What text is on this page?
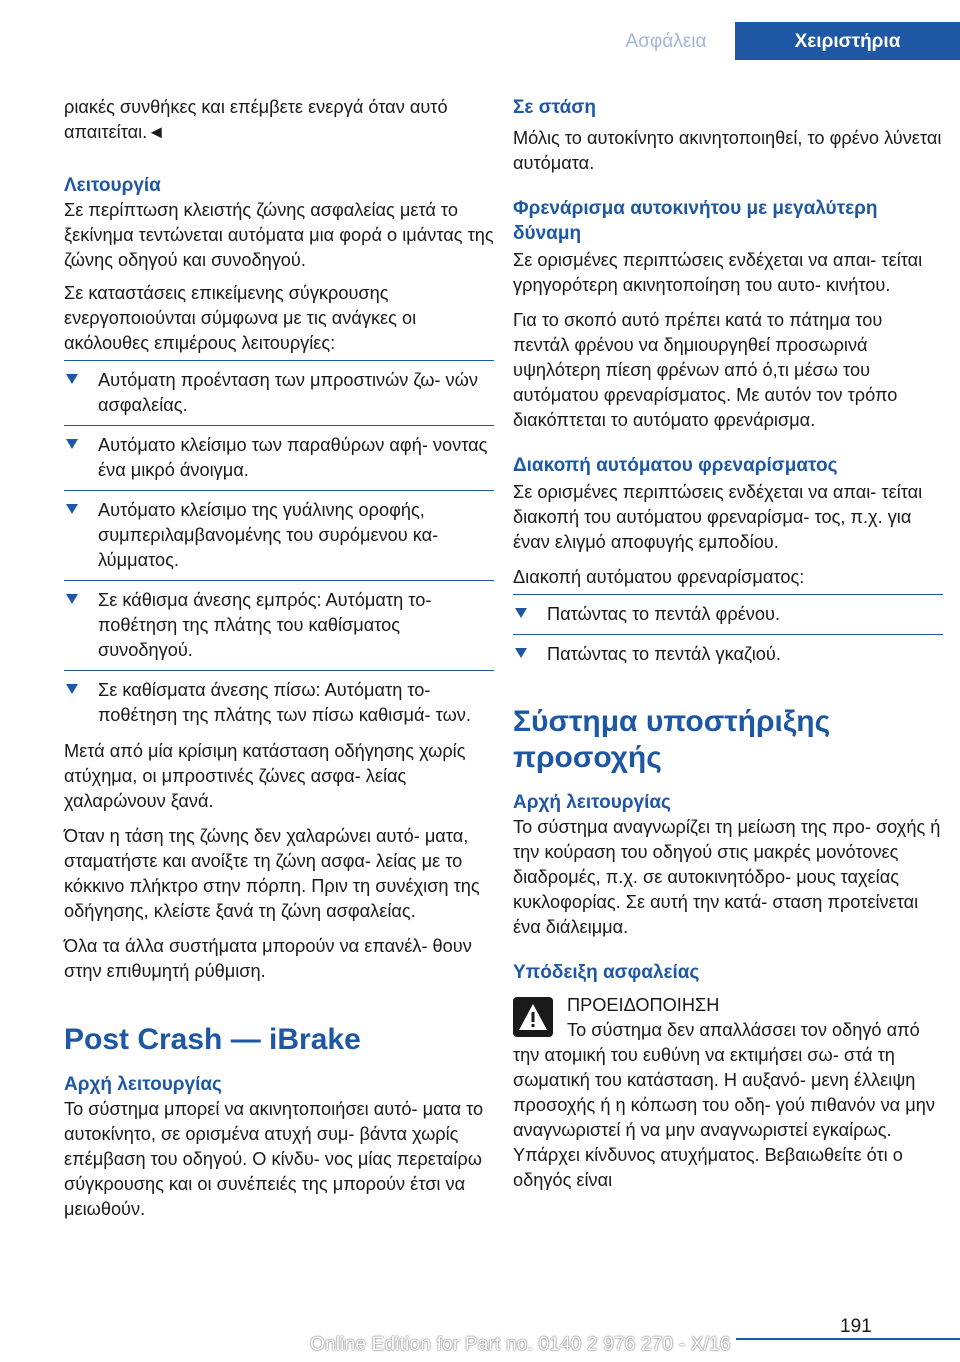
Ασφάλεια	Χειριστήρια

ριακές συνθήκες και επέμβετε ενεργά όταν αυτό απαιτείται.◄

Λειτουργία

Σε περίπτωση κλειστής ζώνης ασφαλείας μετά το ξεκίνημα τεντώνεται αυτόματα μια φορά ο ιμάντας της ζώνης οδηγού και συνοδηγού.

Σε καταστάσεις επικείμενης σύγκρουσης ενεργοποιούνται σύμφωνα με τις ανάγκες οι ακόλουθες επιμέρους λειτουργίες:

Αυτόματη προένταση των μπροστινών ζω- νών ασφαλείας.
Αυτόματο κλείσιμο των παραθύρων αφή- νοντας ένα μικρό άνοιγμα.
Αυτόματο κλείσιμο της γυάλινης οροφής, συμπεριλαμβανομένης του συρόμενου κα- λύμματος.
Σε κάθισμα άνεσης εμπρός: Αυτόματη το- ποθέτηση της πλάτης του καθίσματος συνοδηγού.
Σε καθίσματα άνεσης πίσω: Αυτόματη το- ποθέτηση της πλάτης των πίσω καθισμά- των.

Μετά από μία κρίσιμη κατάσταση οδήγησης χωρίς ατύχημα, οι μπροστινές ζώνες ασφα- λείας χαλαρώνουν ξανά.

Όταν η τάση της ζώνης δεν χαλαρώνει αυτό- ματα, σταματήστε και ανοίξτε τη ζώνη ασφα- λείας με το κόκκινο πλήκτρο στην πόρπη. Πριν τη συνέχιση της οδήγησης, κλείστε ξανά τη ζώνη ασφαλείας.

Όλα τα άλλα συστήματα μπορούν να επανέλ- θουν στην επιθυμητή ρύθμιση.

Post Crash — iBrake
Αρχή λειτουργίας

Το σύστημα μπορεί να ακινητοποιήσει αυτό- ματα το αυτοκίνητο, σε ορισμένα ατυχή συμ- βάντα χωρίς επέμβαση του οδηγού. Ο κίνδυ- νος μίας περεταίρω σύγκρουσης και οι συνέπειές της μπορούν έτσι να μειωθούν.

Σε στάση

Μόλις το αυτοκίνητο ακινητοποιηθεί, το φρένο λύνεται αυτόματα.

Φρενάρισμα αυτοκινήτου με μεγαλύτερη δύναμη

Σε ορισμένες περιπτώσεις ενδέχεται να απαι- τείται γρηγορότερη ακινητοποίηση του αυτο- κινήτου.

Για το σκοπό αυτό πρέπει κατά το πάτημα του πεντάλ φρένου να δημιουργηθεί προσωρινά υψηλότερη πίεση φρένων από ό,τι μέσω του αυτόματου φρεναρίσματος. Με αυτόν τον τρόπο διακόπτεται το αυτόματο φρενάρισμα.

Διακοπή αυτόματου φρεναρίσματος

Σε ορισμένες περιπτώσεις ενδέχεται να απαι- τείται διακοπή του αυτόματου φρεναρίσμα- τος, π.χ. για έναν ελιγμό αποφυγής εμποδίου.

Διακοπή αυτόματου φρεναρίσματος:

Πατώντας το πεντάλ φρένου.
Πατώντας το πεντάλ γκαζιού.
Σύστημα υποστήριξης προσοχής
Αρχή λειτουργίας

Το σύστημα αναγνωρίζει τη μείωση της προ- σοχής ή την κούραση του οδηγού στις μακρές μονότονες διαδρομές, π.χ. σε αυτοκινητόδρο- μους ταχείας κυκλοφορίας. Σε αυτή την κατά- σταση προτείνεται ένα διάλειμμα.

Υπόδειξη ασφαλείας
ΠΡΟΕΙΔΟΠΟΙΗΣΗ
Το σύστημα δεν απαλλάσσει τον οδηγό από την ατομική του ευθύνη να εκτιμήσει σω- στά τη σωματική του κατάσταση. Η αυξανό- μενη έλλειψη προσοχής ή η κόπωση του οδη- γού πιθανόν να μην αναγνωριστεί ή να μην αναγνωριστεί εγκαίρως. Υπάρχει κίνδυνος ατυχήματος. Βεβαιωθείτε ότι ο οδηγός είναι
191
Online Edition for Part no. 0140 2 976 270 - X/16
